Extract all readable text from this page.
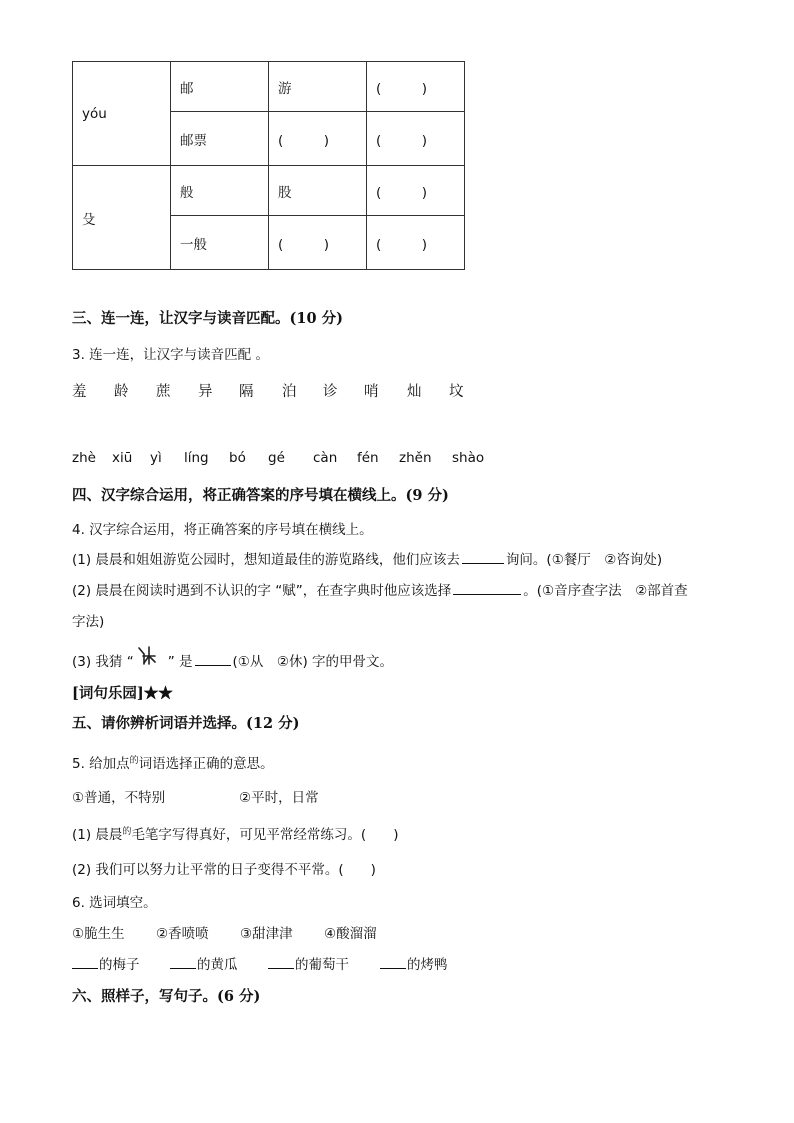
yóu	邮	游	(　　　)
	邮票	(　　　)	(　　　)
殳	般	股	(　　　)
	一般	(　　　)	(　　　)
三、连一连，让汉字与读音匹配。(10 分)
3. 连一连，让汉字与读音匹配 。
羞 龄 蔗 异 隔 泊 诊 哨 灿 坟
zhè xiū yì líng bó gé càn fén zhěn shào
四、汉字综合运用，将正确答案的序号填在横线上。(9 分)
4. 汉字综合运用，将正确答案的序号填在横线上。
(1) 晨晨和姐姐游览公园时，想知道最佳的游览路线，他们应该去	询问。(①餐厅　②咨询处)
(2) 晨晨在阅读时遇到不认识的字 “赋”，在查字典时他应该选择	。(①音序查字法　②部首查
字法)
(3) 我猜 “	” 是	(①从　②休) 字的甲骨文。
[词句乐园]★★
五、请你辨析词语并选择。(12 分)
5. 给加点$^的$词语选择正确的意思。
①普通，不特别	②平时，日常
(1) 晨晨$^的$毛笔字写得真好，可见平常经常练习。(　　)
(2) 我们可以努力让平常的日子变得不平常。(　　)
6. 选词填空。
①脆生生 ②香喷喷 ③甜津津 ④酸溜溜
的梅子	的黄瓜	的葡萄干	的烤鸭
六、照样子，写句子。(6 分)
